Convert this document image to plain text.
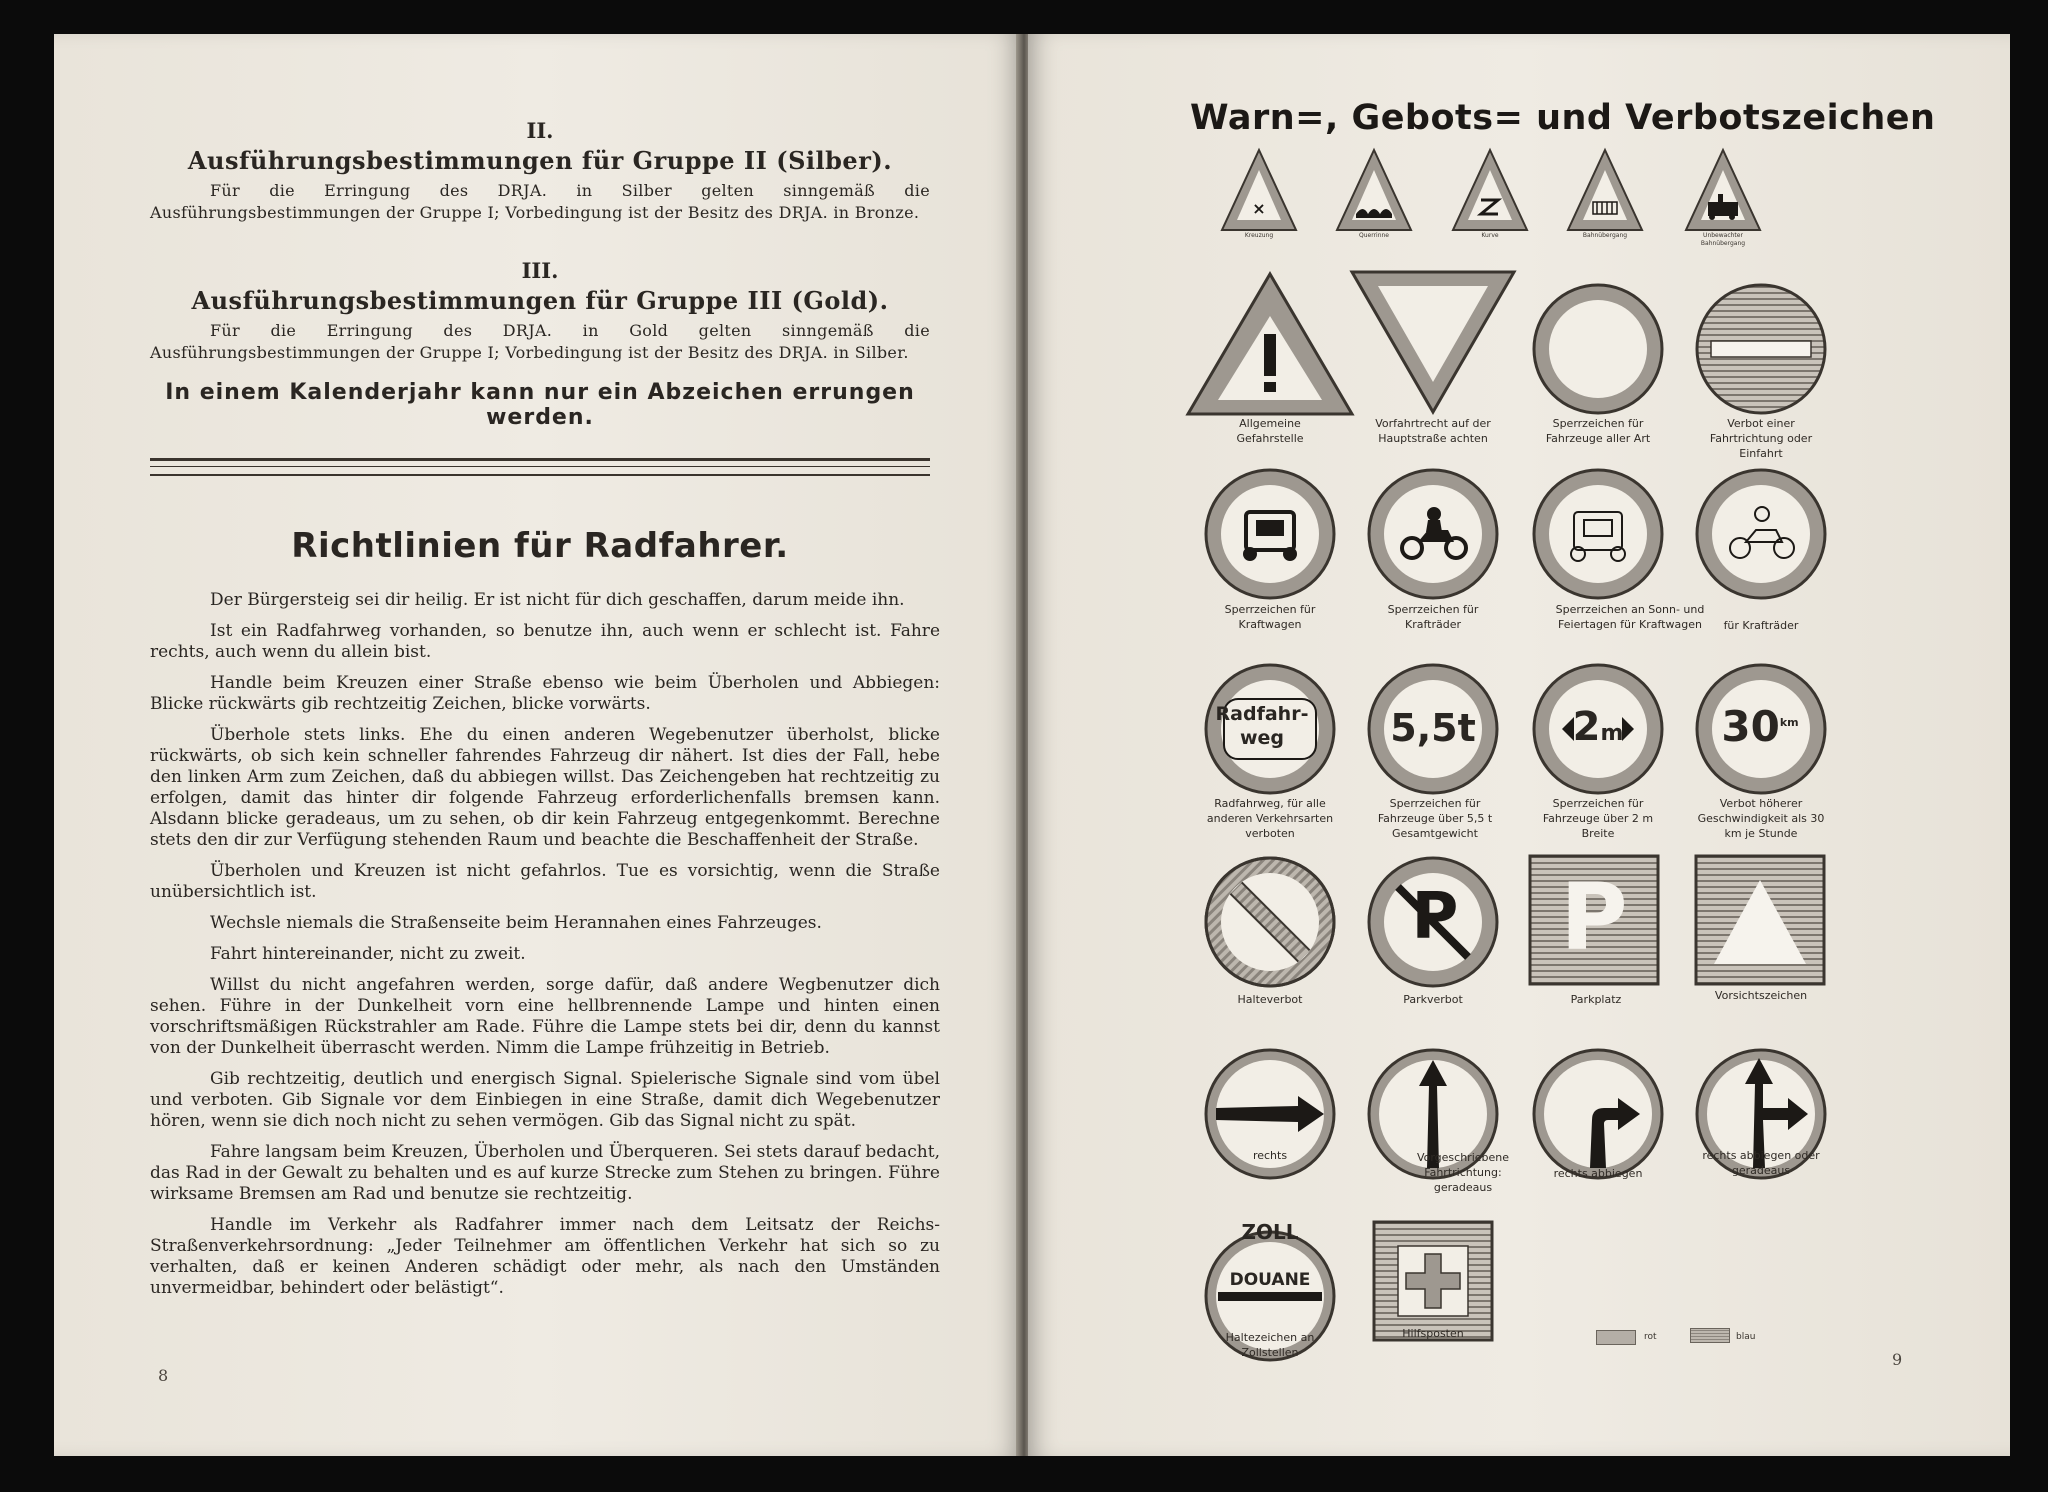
II.
Ausführungsbestimmungen für Gruppe II (Silber).
Für die Erringung des DRJA. in Silber gelten sinngemäß die Ausführungsbestimmungen der Gruppe I; Vorbedingung ist der Besitz des DRJA. in Bronze.
III.
Ausführungsbestimmungen für Gruppe III (Gold).
Für die Erringung des DRJA. in Gold gelten sinngemäß die Ausführungsbestimmungen der Gruppe I; Vorbedingung ist der Besitz des DRJA. in Silber.
In einem Kalenderjahr kann nur ein Abzeichen errungen werden.
Richtlinien für Radfahrer.

Der Bürgersteig sei dir heilig. Er ist nicht für dich geschaffen, darum meide ihn.

Ist ein Radfahrweg vorhanden, so benutze ihn, auch wenn er schlecht ist. Fahre rechts, auch wenn du allein bist.

Handle beim Kreuzen einer Straße ebenso wie beim Überholen und Abbiegen: Blicke rückwärts gib rechtzeitig Zeichen, blicke vorwärts.

Überhole stets links. Ehe du einen anderen Wegebenutzer überholst, blicke rückwärts, ob sich kein schneller fahrendes Fahrzeug dir nähert. Ist dies der Fall, hebe den linken Arm zum Zeichen, daß du abbiegen willst. Das Zeichengeben hat rechtzeitig zu erfolgen, damit das hinter dir folgende Fahrzeug erforderlichenfalls bremsen kann. Alsdann blicke geradeaus, um zu sehen, ob dir kein Fahrzeug entgegenkommt. Berechne stets den dir zur Verfügung stehenden Raum und beachte die Beschaffenheit der Straße.

Überholen und Kreuzen ist nicht gefahrlos. Tue es vorsichtig, wenn die Straße unübersichtlich ist.

Wechsle niemals die Straßenseite beim Herannahen eines Fahrzeuges.

Fahrt hintereinander, nicht zu zweit.

Willst du nicht angefahren werden, sorge dafür, daß andere Wegbenutzer dich sehen. Führe in der Dunkelheit vorn eine hellbrennende Lampe und hinten einen vorschriftsmäßigen Rückstrahler am Rade. Führe die Lampe stets bei dir, denn du kannst von der Dunkelheit überrascht werden. Nimm die Lampe frühzeitig in Betrieb.

Gib rechtzeitig, deutlich und energisch Signal. Spielerische Signale sind vom übel und verboten. Gib Signale vor dem Einbiegen in eine Straße, damit dich Wegebenutzer hören, wenn sie dich noch nicht zu sehen vermögen. Gib das Signal nicht zu spät.

Fahre langsam beim Kreuzen, Überholen und Überqueren. Sei stets darauf bedacht, das Rad in der Gewalt zu behalten und es auf kurze Strecke zum Stehen zu bringen. Führe wirksame Bremsen am Rad und benutze sie rechtzeitig.

Handle im Verkehr als Radfahrer immer nach dem Leitsatz der Reichs-Straßenverkehrsordnung: „Jeder Teilnehmer am öffentlichen Verkehr hat sich so zu verhalten, daß er keinen Anderen schädigt oder mehr, als nach den Umständen unvermeidbar, behindert oder belästigt“.

8
Warn=, Gebots= und Verbotszeichen
×
Radfahr-
weg	5,5t	2m	$30^{km}$
P P
ZOLL
DOUANE
Kreuzung	Querrinne	Kurve	Bahnübergang	Unbewachter Bahnübergang
Allgemeine Gefahrstelle
Vorfahrtrecht auf der Hauptstraße achten
Sperrzeichen für Fahrzeuge aller Art
Verbot einer Fahrtrichtung oder Einfahrt
Sperrzeichen für Kraftwagen
Sperrzeichen für Krafträder
Sperrzeichen an Sonn- und Feiertagen für Kraftwagen	für Krafträder
Radfahrweg, für alle anderen Verkehrsarten verboten
Sperrzeichen für Fahrzeuge über 5,5 t Gesamtgewicht
Sperrzeichen für Fahrzeuge über 2 m Breite
Verbot höherer Geschwindigkeit als 30 km je Stunde
Halteverbot	Parkverbot	Parkplatz	Vorsichtszeichen
rechts	Vorgeschriebene Fahrtrichtung: geradeaus
rechts abbiegen
rechts abbiegen oder geradeaus
Haltezeichen an Zollstellen
Hilfsposten	rot	blau
9
